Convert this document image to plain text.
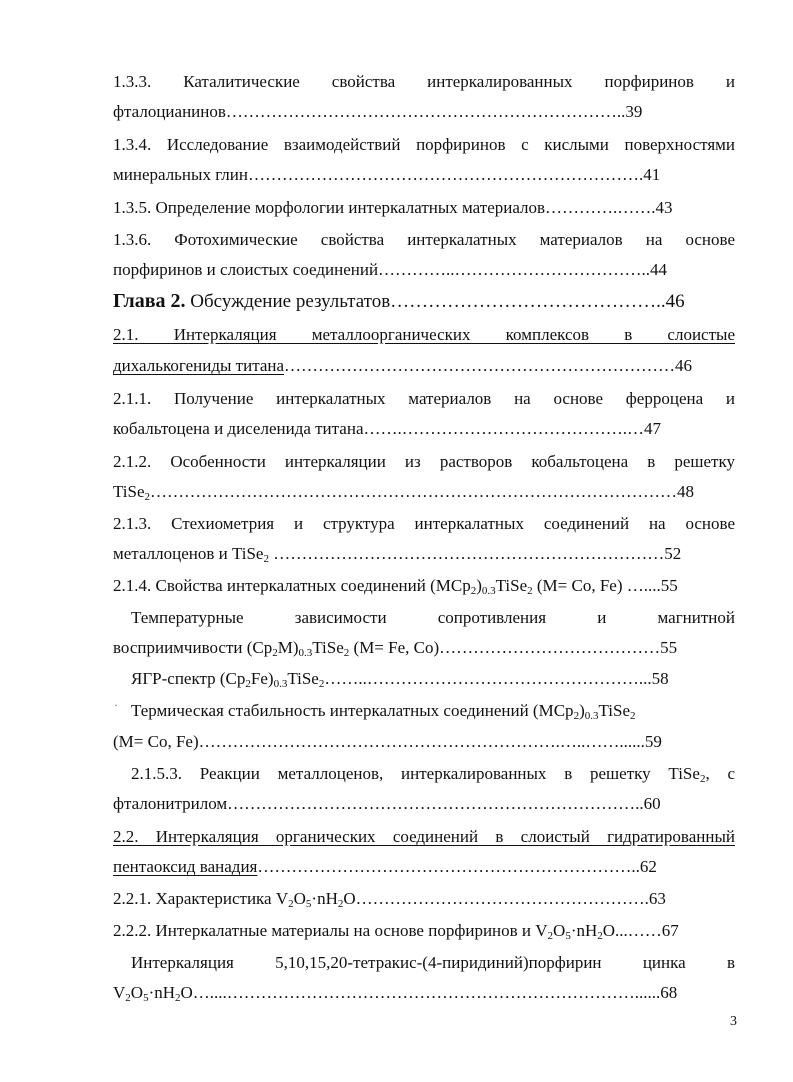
1.3.3. Каталитические свойства интеркалированных порфиринов и
фталоцианинов……………………………………………………………..39
1.3.4. Исследование взаимодействий порфиринов с кислыми поверхностями
минеральных глин…………………………………………………………….41
1.3.5. Определение морфологии интеркалатных материалов………….…….43
1.3.6. Фотохимические свойства интеркалатных материалов на основе
порфиринов и слоистых соединений…………..……………………………..44
Глава 2. Обсуждение результатов……………………………………..46
2.1. Интеркаляция металлоорганических комплексов в слоистые
дихалькогениды титана……………………………………………………………46
2.1.1. Получение интеркалатных материалов на основе ферроцена и
кобальтоцена и диселенида титана…….………………………………….…47
2.1.2. Особенности интеркаляции из растворов кобальтоцена в решетку
TiSe$_2$…………………………………………………………………………………48
2.1.3. Стехиометрия и структура интеркалатных соединений на основе
металлоценов и TiSe$_2$ ……………………………………………………………52
2.1.4. Свойства интеркалатных соединений $(MCp_2)_{0.3}TiSe_2$ (M= Co, Fe) …....55
Температурные зависимости сопротивления и магнитной
восприимчивости $(Cp_2M)_{0.3}TiSe_2$ (M= Fe, Co)…………………………………55
ЯГР-спектр $(Cp_2Fe)_{0.3}TiSe_2\dots\dots..\dots\dots\dots\dots\dots\dots\dots\dots\dots\dots\dots\dots\dots\dots\dots\dots...58$
· Термическая стабильность интеркалатных соединений $(MCp_2)_{0.3}TiSe_2$
(M= Co, Fe)……………………………………………………….…..……......59
2.1.5.3. Реакции металлоценов, интеркалированных в решетку TiSe$_2$, с
фталонитрилом………………………………………………………………..60
2.2. Интеркаляция органических соединений в слоистый гидратированный
пентаоксид ванадия…………………………………………………………..62
2.2.1. Характеристика $V_2O_5\cdot nH_2O\dots\dots\dots\dots\dots\dots\dots\dots\dots\dots\dots\dots\dots\dots\dots\dots\dots.63$
2.2.2. Интеркалатные материалы на основе порфиринов и $V_2O_5\cdot nH_2O...\dots\dots 67$
Интеркаляция 5,10,15,20-тетракис-(4-пиридиний)порфирин цинка в
$V_2O_5\cdot nH_2O\dots....\dots\dots\dots\dots\dots\dots\dots\dots\dots\dots\dots\dots\dots\dots\dots\dots\dots\dots\dots\dots\dots\dots\dots\dots......68$
3
